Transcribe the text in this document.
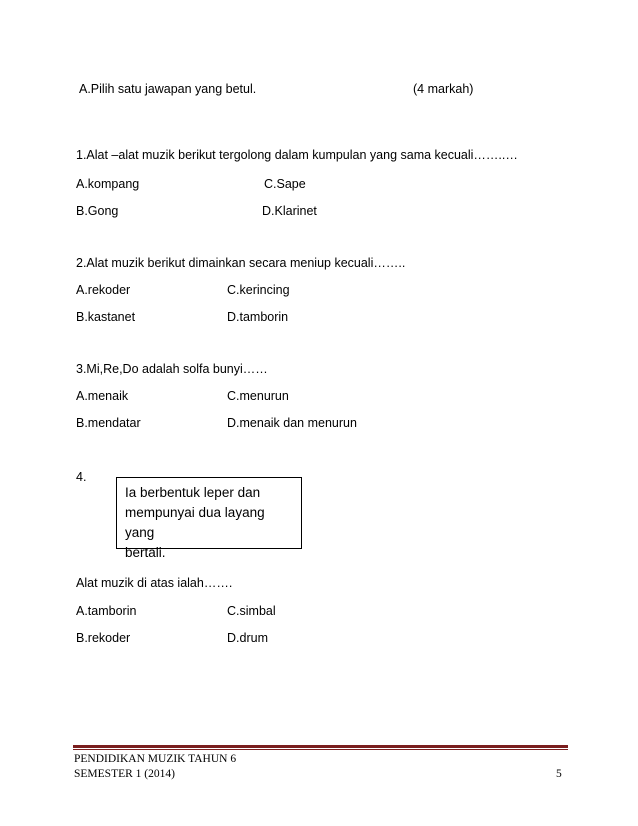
A.Pilih satu jawapan yang betul.	(4 markah)
1.Alat –alat muzik berikut tergolong dalam kumpulan yang sama kecuali……..…
A.kompang	C.Sape
B.Gong	D.Klarinet
2.Alat muzik berikut dimainkan secara meniup kecuali……..
A.rekoder	C.kerincing
B.kastanet	D.tamborin
3.Mi,Re,Do adalah solfa bunyi……
A.menaik	C.menurun
B.mendatar	D.menaik dan menurun
4.
Ia berbentuk leper dan
mempunyai dua layang yang
bertali.
Alat muzik di atas ialah…….
A.tamborin	C.simbal
B.rekoder	D.drum
PENDIDIKAN MUZIK TAHUN 6
SEMESTER 1 (2014)	5
